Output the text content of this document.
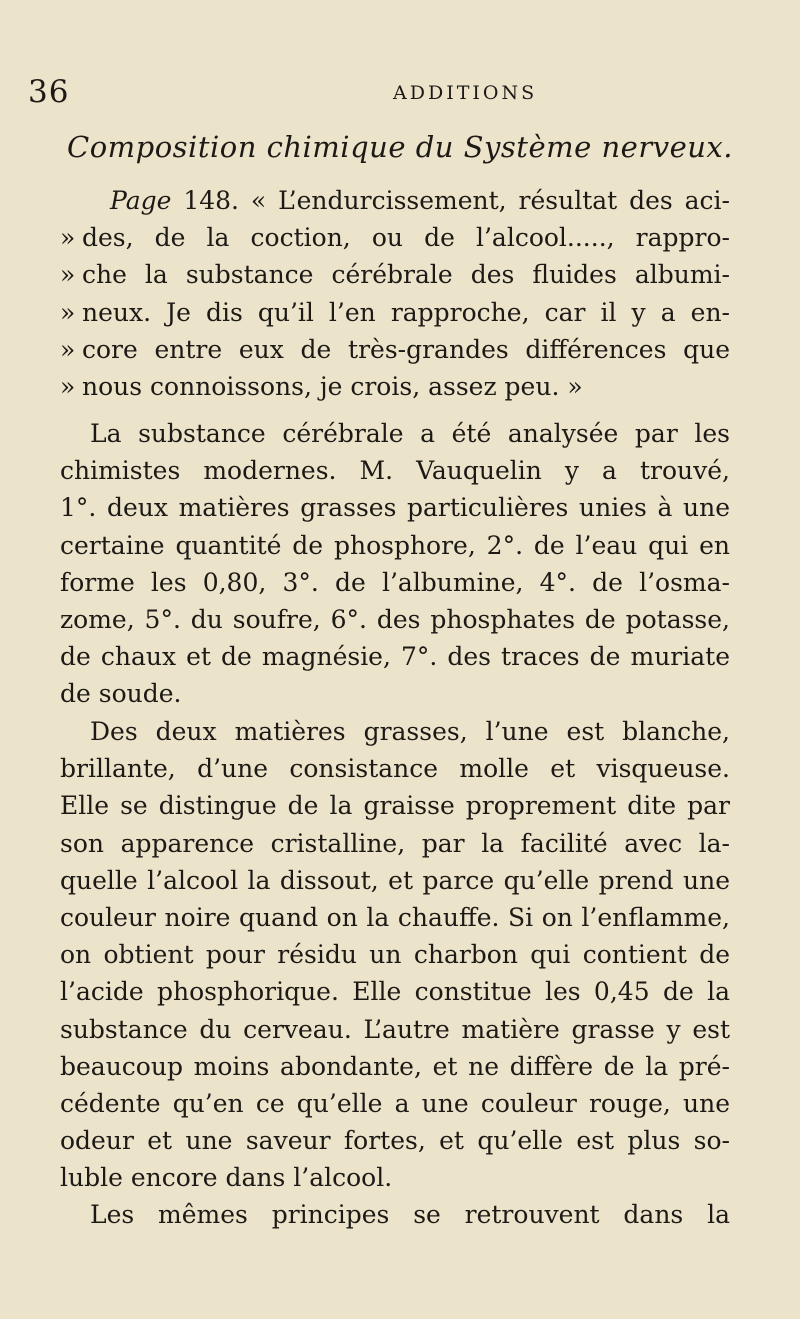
36	ADDITIONS
Composition chimique du Système nerveux.
Page 148. « L’endurcissement, résultat des aci-
» des, de la coction, ou de l’alcool....., rappro-
» che la substance cérébrale des fluides albumi-
» neux. Je dis qu’il l’en rapproche, car il y a en-
» core entre eux de très-grandes différences que
» nous connoissons, je crois, assez peu. »
La substance cérébrale a été analysée par les
chimistes modernes. M. Vauquelin y a trouvé,
1°. deux matières grasses particulières unies à une
certaine quantité de phosphore, 2°. de l’eau qui en
forme les 0,80, 3°. de l’albumine, 4°. de l’osma-
zome, 5°. du soufre, 6°. des phosphates de potasse,
de chaux et de magnésie, 7°. des traces de muriate
de soude.
Des deux matières grasses, l’une est blanche,
brillante, d’une consistance molle et visqueuse.
Elle se distingue de la graisse proprement dite par
son apparence cristalline, par la facilité avec la-
quelle l’alcool la dissout, et parce qu’elle prend une
couleur noire quand on la chauffe. Si on l’enflamme,
on obtient pour résidu un charbon qui contient de
l’acide phosphorique. Elle constitue les 0,45 de la
substance du cerveau. L’autre matière grasse y est
beaucoup moins abondante, et ne diffère de la pré-
cédente qu’en ce qu’elle a une couleur rouge, une
odeur et une saveur fortes, et qu’elle est plus so-
luble encore dans l’alcool.
Les mêmes principes se retrouvent dans la
